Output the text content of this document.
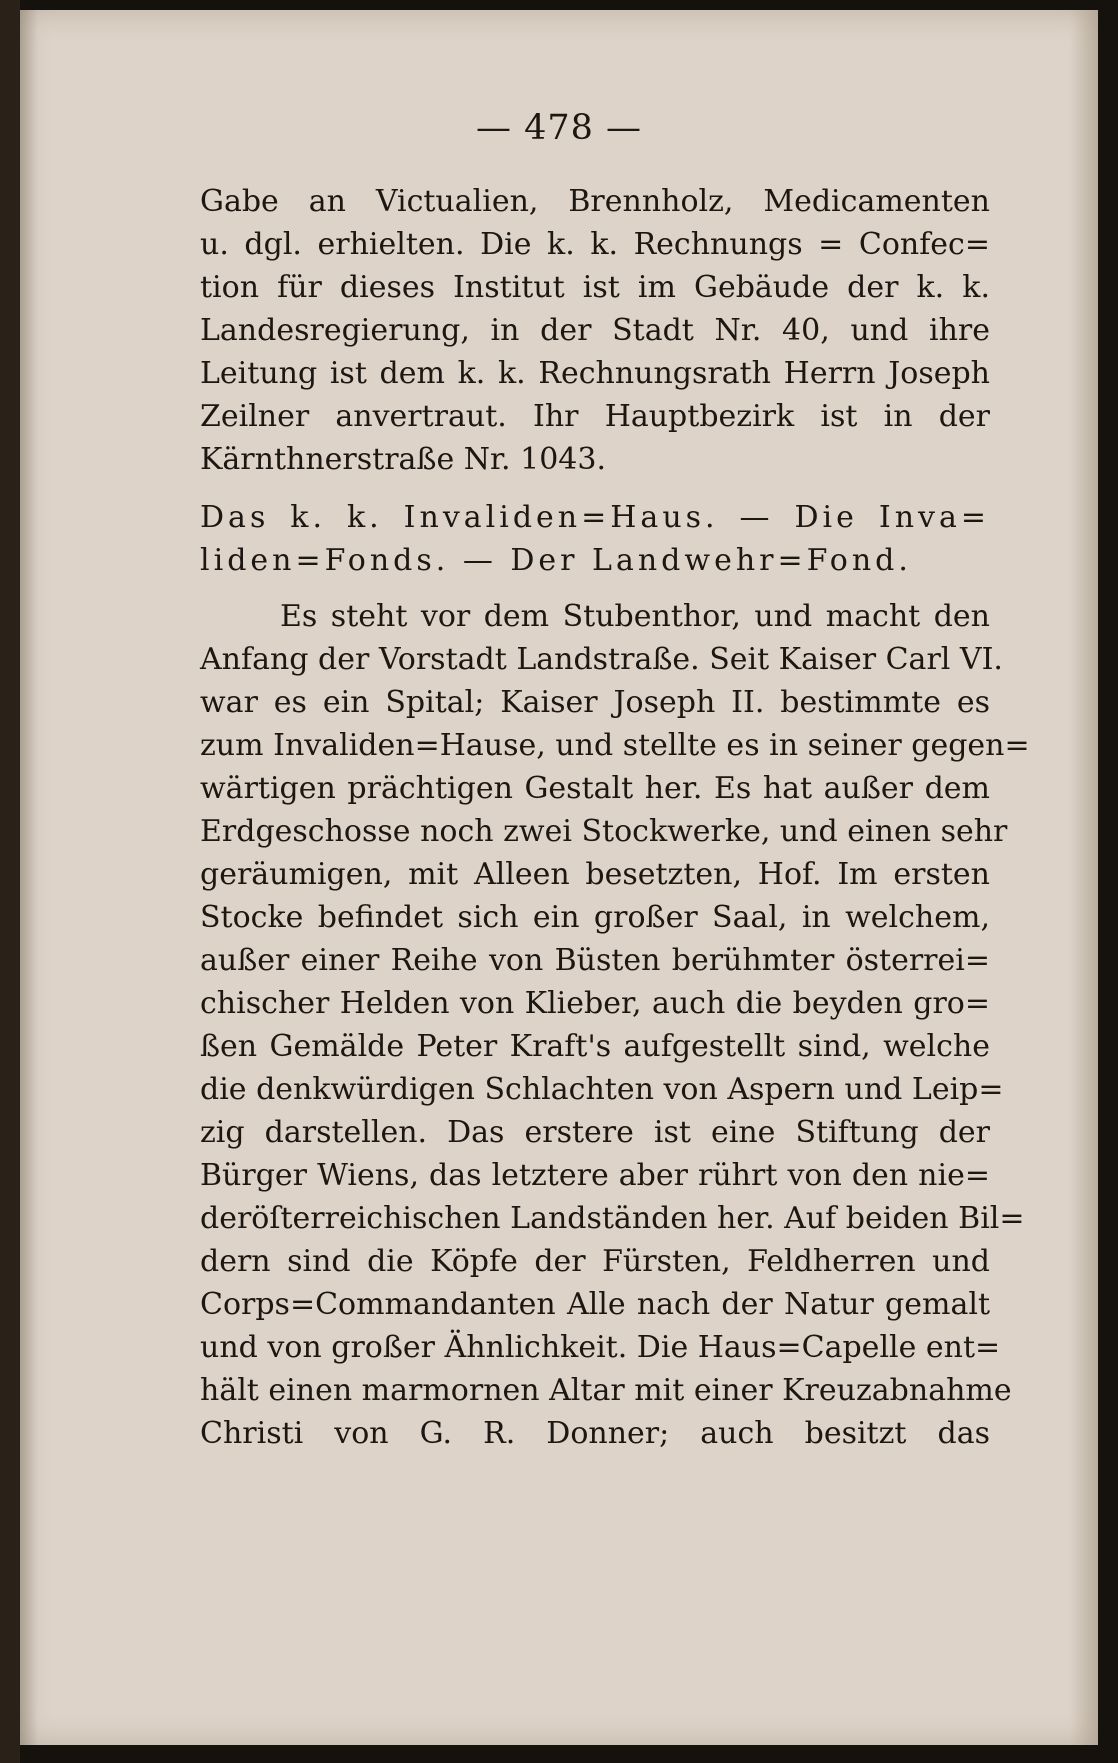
— 478 —
Gabe an Victualien, Brennholz, Medicamenten
u. dgl. erhielten. Die k. k. Rechnungs = Confec=
tion für dieses Institut ist im Gebäude der k. k.
Landesregierung, in der Stadt Nr. 40, und ihre
Leitung ist dem k. k. Rechnungsrath Herrn Joseph
Zeilner anvertraut. Ihr Hauptbezirk ist in der
Kärnthnerstraße Nr. 1043.
Das k. k. Invaliden=Haus. — Die Inva=
liden=Fonds. — Der Landwehr=Fond.
Es steht vor dem Stubenthor, und macht den
Anfang der Vorstadt Landstraße. Seit Kaiser Carl VI.
war es ein Spital; Kaiser Joseph II. bestimmte es
zum Invaliden=Hause, und stellte es in seiner gegen=
wärtigen prächtigen Gestalt her. Es hat außer dem
Erdgeschosse noch zwei Stockwerke, und einen sehr
geräumigen, mit Alleen besetzten, Hof. Im ersten
Stocke befindet sich ein großer Saal, in welchem,
außer einer Reihe von Büsten berühmter österrei=
chischer Helden von Klieber, auch die beyden gro=
ßen Gemälde Peter Kraft's aufgestellt sind, welche
die denkwürdigen Schlachten von Aspern und Leip=
zig darstellen. Das erstere ist eine Stiftung der
Bürger Wiens, das letztere aber rührt von den nie=
deröſterreichischen Landständen her. Auf beiden Bil=
dern sind die Köpfe der Fürsten, Feldherren und
Corps=Commandanten Alle nach der Natur gemalt
und von großer Ähnlichkeit. Die Haus=Capelle ent=
hält einen marmornen Altar mit einer Kreuzabnahme
Christi von G. R. Donner; auch besitzt das
